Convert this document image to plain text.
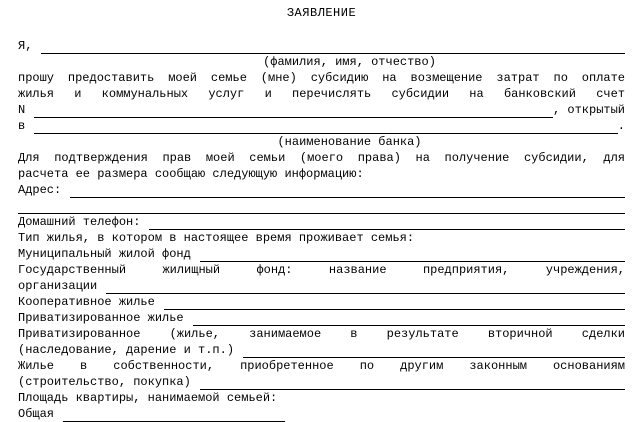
ЗАЯВЛЕНИЕ
Я,
(фамилия, имя, отчество)
прошу предоставить моей семье (мне) субсидию на возмещение затрат по оплате
жилья и коммунальных услуг и перечислять субсидии на банковский счет
N	, открытый
в	.
(наименование банка)
Для подтверждения прав моей семьи (моего права) на получение субсидии, для
расчета ее размера сообщаю следующую информацию:
Адрес:
Домашний телефон:
Тип жилья, в котором в настоящее время проживает семья:
Муниципальный жилой фонд
Государственный жилищный фонд: название предприятия, учреждения,
организации
Кооперативное жилье
Приватизированное жилье
Приватизированное (жилье, занимаемое в результате вторичной сделки
(наследование, дарение и т.п.)
Жилье в собственности, приобретенное по другим законным основаниям
(строительство, покупка)
Площадь квартиры, нанимаемой семьей:
Общая
